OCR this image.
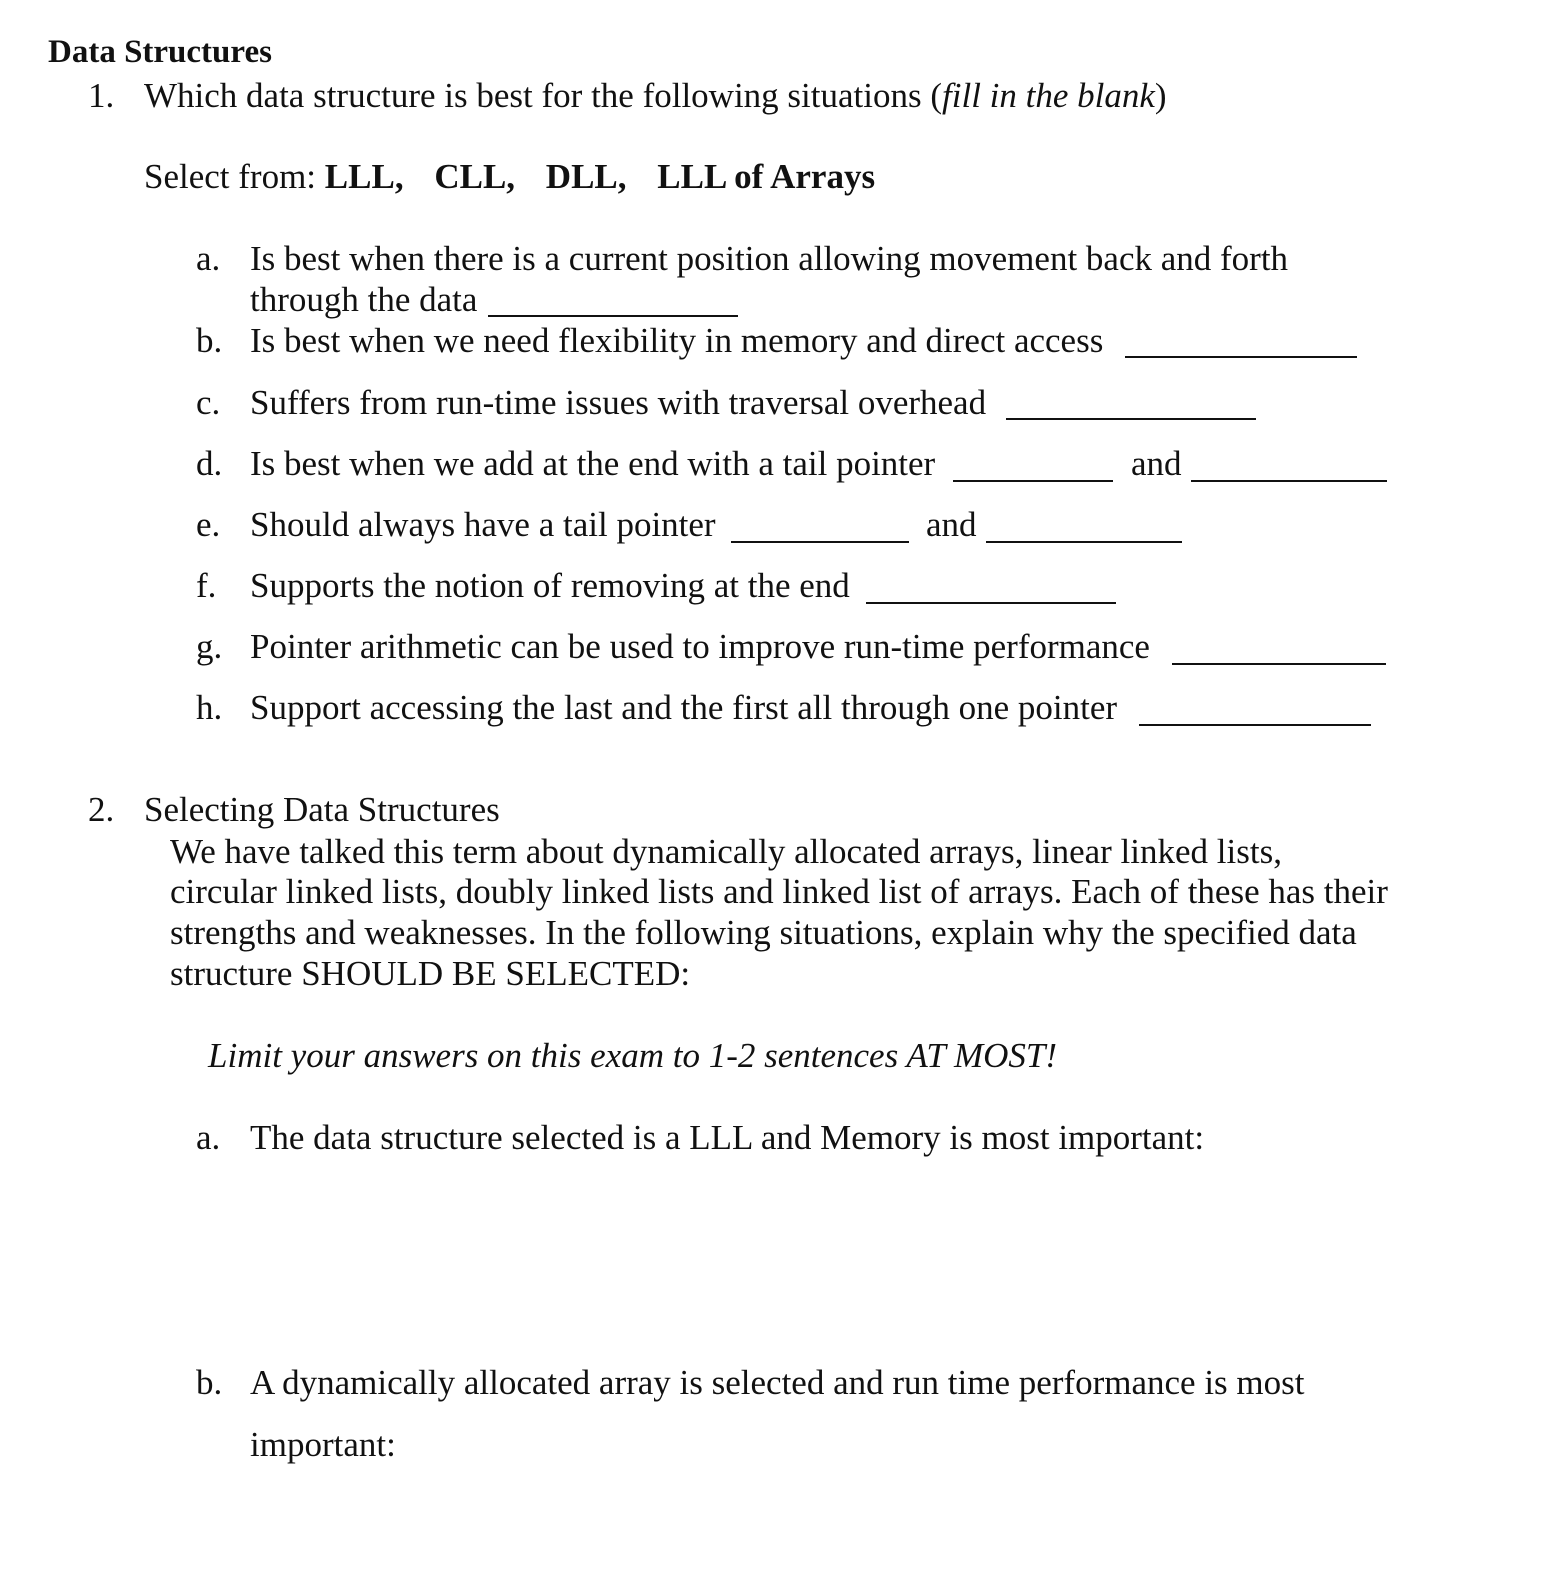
Data Structures
1. Which data structure is best for the following situations (fill in the blank)
Select from: LLL, CLL, DLL, LLL of Arrays
a. Is best when there is a current position allowing movement back and forth
through the data
b. Is best when we need flexibility in memory and direct access
c. Suffers from run-time issues with traversal overhead
d. Is best when we add at the end with a tail pointer	and
e. Should always have a tail pointer	and
f. Supports the notion of removing at the end
g. Pointer arithmetic can be used to improve run-time performance
h. Support accessing the last and the first all through one pointer
2. Selecting Data Structures
We have talked this term about dynamically allocated arrays, linear linked lists,
circular linked lists, doubly linked lists and linked list of arrays. Each of these has their
strengths and weaknesses. In the following situations, explain why the specified data
structure SHOULD BE SELECTED:
Limit your answers on this exam to 1-2 sentences AT MOST!
a. The data structure selected is a LLL and Memory is most important:
b. A dynamically allocated array is selected and run time performance is most
important:
